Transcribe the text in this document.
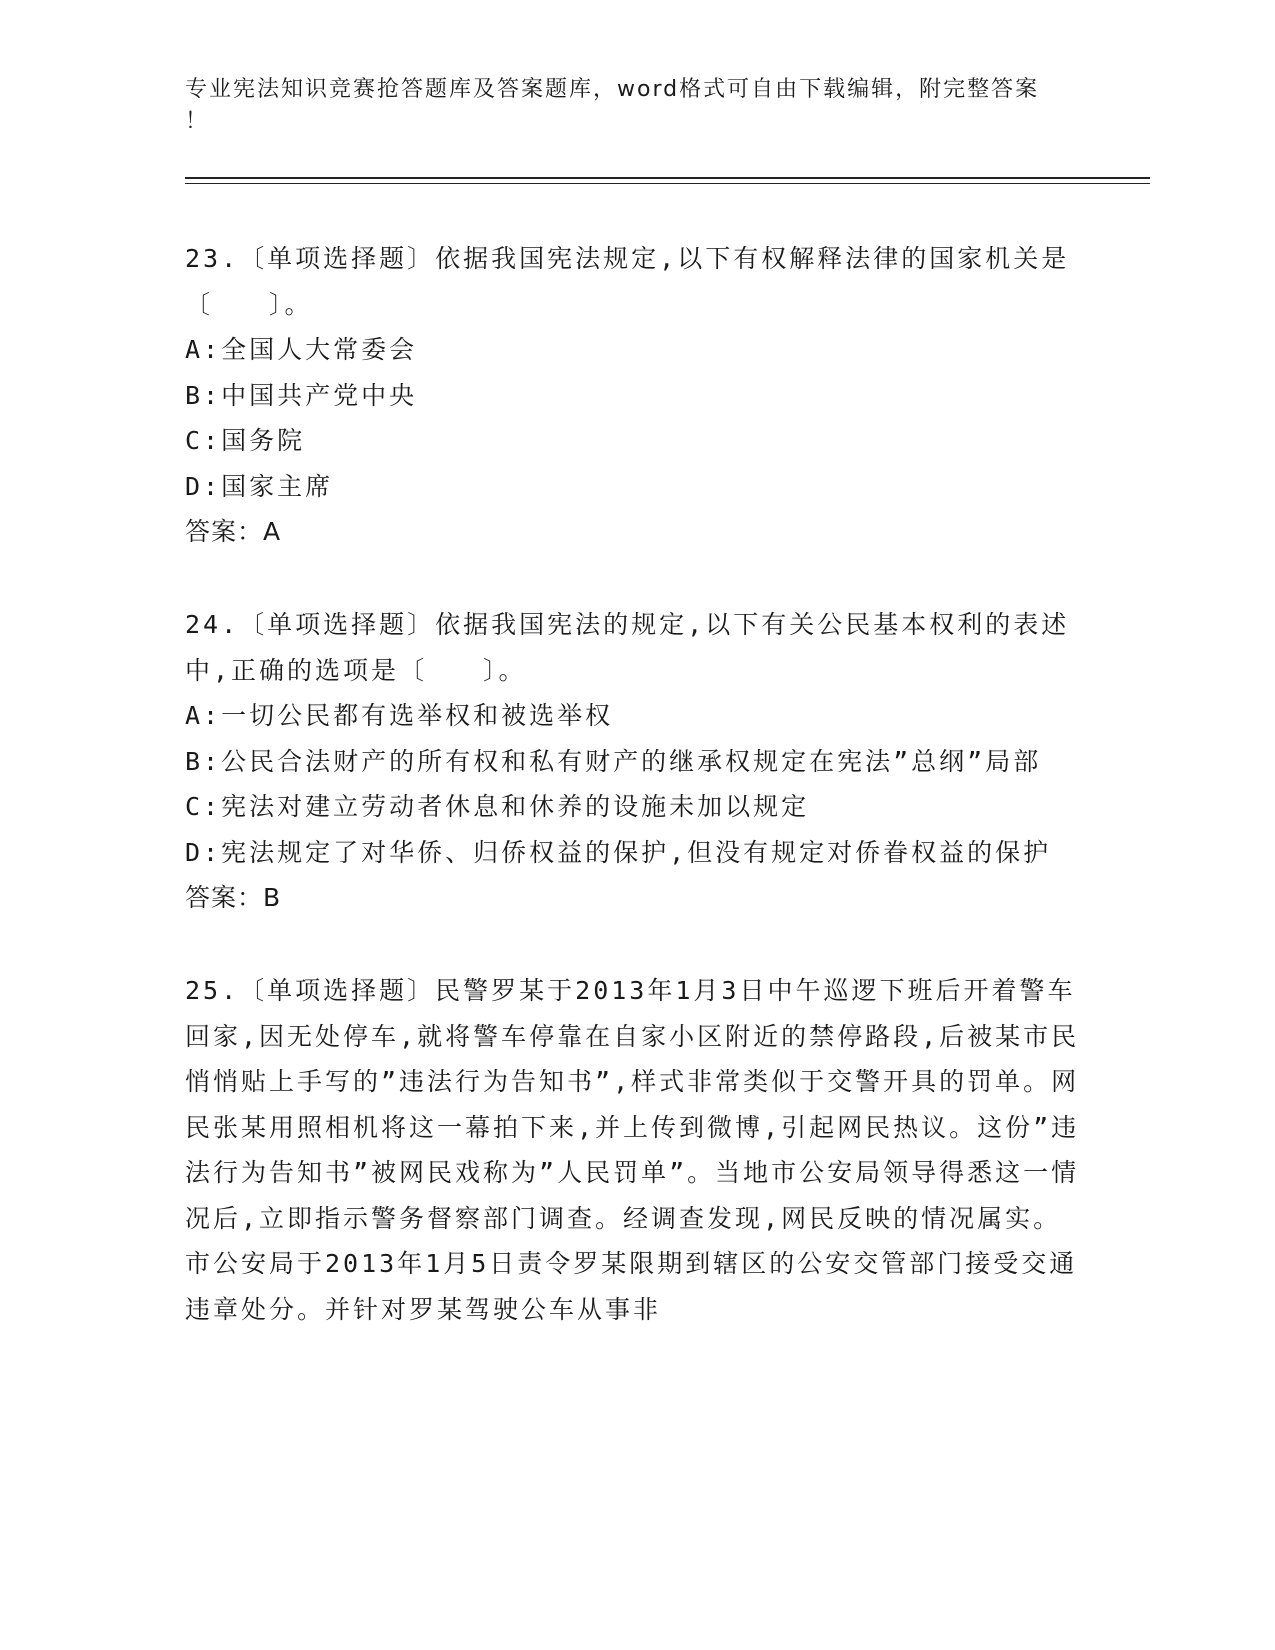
专业宪法知识竞赛抢答题库及答案题库，word格式可自由下载编辑，附完整答案
！
23.〔单项选择题〕依据我国宪法规定,以下有权解释法律的国家机关是〔　　〕。
A:全国人大常委会
B:中国共产党中央
C:国务院
D:国家主席
答案：A
24.〔单项选择题〕依据我国宪法的规定,以下有关公民基本权利的表述中,正确的选项是〔　　〕。
A:一切公民都有选举权和被选举权
B:公民合法财产的所有权和私有财产的继承权规定在宪法”总纲”局部
C:宪法对建立劳动者休息和休养的设施未加以规定
D:宪法规定了对华侨、归侨权益的保护,但没有规定对侨眷权益的保护
答案：B
25.〔单项选择题〕民警罗某于2013年1月3日中午巡逻下班后开着警车回家,因无处停车,就将警车停靠在自家小区附近的禁停路段,后被某市民悄悄贴上手写的”违法行为告知书”,样式非常类似于交警开具的罚单。网民张某用照相机将这一幕拍下来,并上传到微博,引起网民热议。这份”违法行为告知书”被网民戏称为”人民罚单”。当地市公安局领导得悉这一情况后,立即指示警务督察部门调查。经调查发现,网民反映的情况属实。市公安局于2013年1月5日责令罗某限期到辖区的公安交管部门接受交通违章处分。并针对罗某驾驶公车从事非
